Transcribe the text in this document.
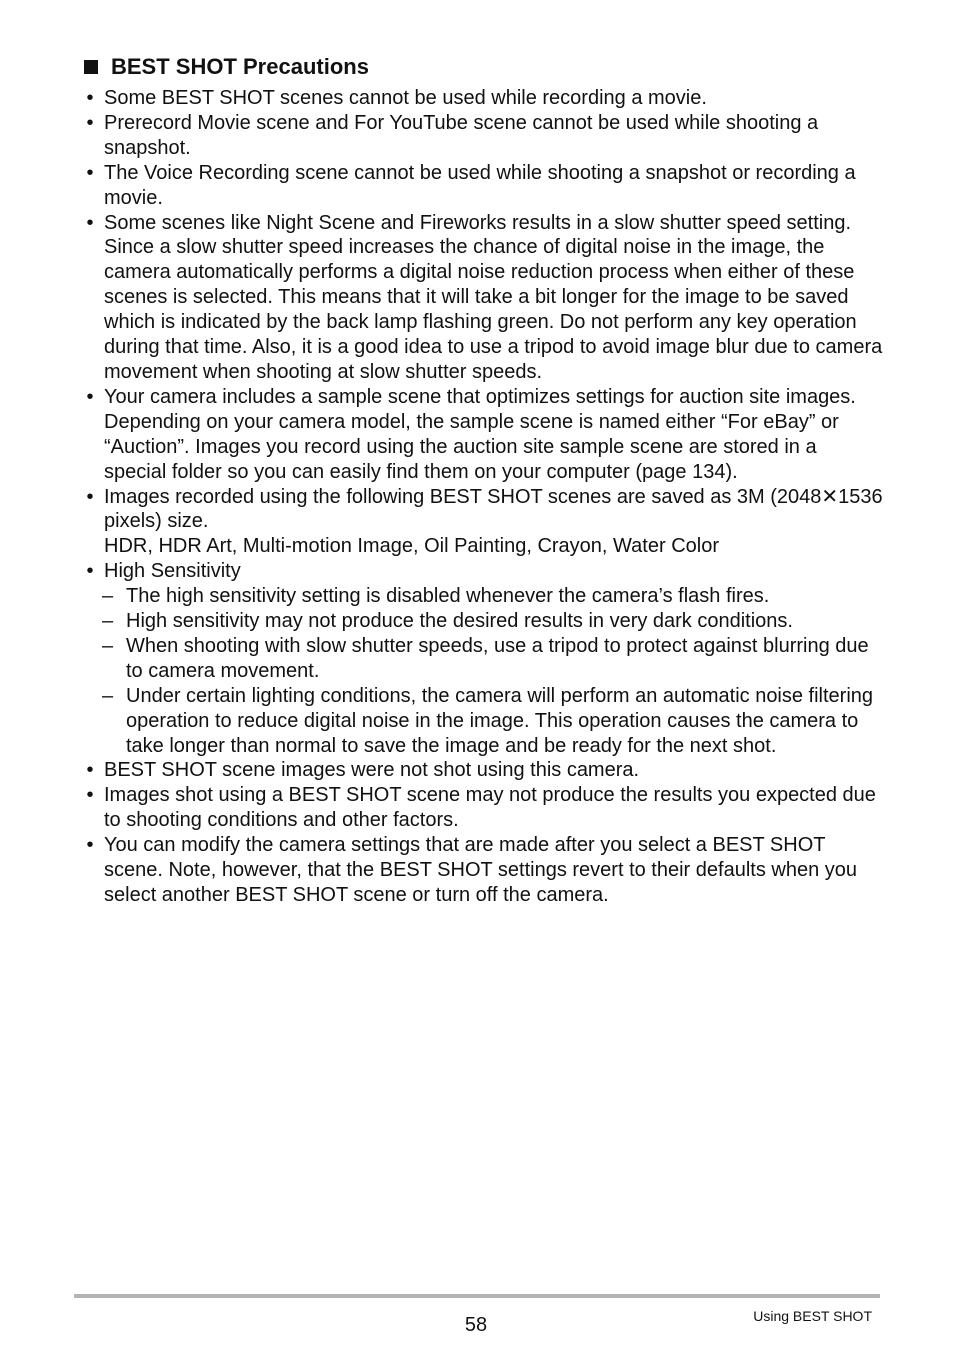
BEST SHOT Precautions
• Some BEST SHOT scenes cannot be used while recording a movie.
• Prerecord Movie scene and For YouTube scene cannot be used while shooting a snapshot.
• The Voice Recording scene cannot be used while shooting a snapshot or recording a movie.
• Some scenes like Night Scene and Fireworks results in a slow shutter speed setting. Since a slow shutter speed increases the chance of digital noise in the image, the camera automatically performs a digital noise reduction process when either of these scenes is selected. This means that it will take a bit longer for the image to be saved which is indicated by the back lamp flashing green. Do not perform any key operation during that time. Also, it is a good idea to use a tripod to avoid image blur due to camera movement when shooting at slow shutter speeds.
• Your camera includes a sample scene that optimizes settings for auction site images. Depending on your camera model, the sample scene is named either “For eBay” or “Auction”. Images you record using the auction site sample scene are stored in a special folder so you can easily find them on your computer (page 134).
• Images recorded using the following BEST SHOT scenes are saved as 3M (2048✕1536 pixels) size.
HDR, HDR Art, Multi-motion Image, Oil Painting, Crayon, Water Color
• High Sensitivity
– The high sensitivity setting is disabled whenever the camera’s flash fires.
– High sensitivity may not produce the desired results in very dark conditions.
– When shooting with slow shutter speeds, use a tripod to protect against blurring due to camera movement.
– Under certain lighting conditions, the camera will perform an automatic noise filtering operation to reduce digital noise in the image. This operation causes the camera to take longer than normal to save the image and be ready for the next shot.
• BEST SHOT scene images were not shot using this camera.
• Images shot using a BEST SHOT scene may not produce the results you expected due to shooting conditions and other factors.
• You can modify the camera settings that are made after you select a BEST SHOT scene. Note, however, that the BEST SHOT settings revert to their defaults when you select another BEST SHOT scene or turn off the camera.
58	Using BEST SHOT
